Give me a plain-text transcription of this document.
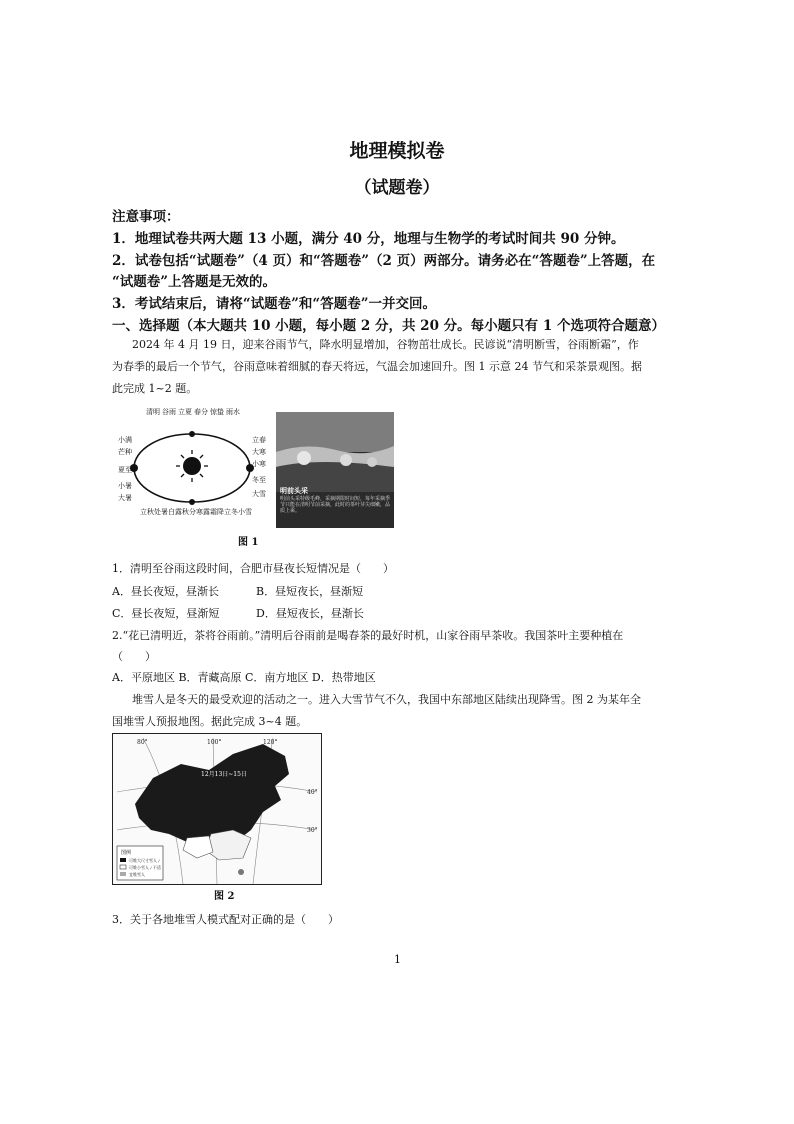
地理模拟卷
（试题卷）
注意事项：
1．地理试卷共两大题 13 小题，满分 40 分，地理与生物学的考试时间共 90 分钟。
2．试卷包括“试题卷”（4 页）和“答题卷”（2 页）两部分。请务必在“答题卷”上答题，在
“试题卷”上答题是无效的。
3．考试结束后，请将“试题卷”和“答题卷”一并交回。
一、选择题（本大题共 10 小题，每小题 2 分，共 20 分。每小题只有 1 个选项符合题意）
2024 年 4 月 19 日，迎来谷雨节气，降水明显增加，谷物茁壮成长。民谚说“清明断雪，谷雨断霜”，作
为春季的最后一个节气，谷雨意味着细腻的春天将远，气温会加速回升。图 1 示意 24 节气和采茶景观图。据
此完成 1~2 题。
清明 谷雨 立夏 春分 惊蛰 雨水
小满
芒种
夏至
小暑
大暑
立春
大寒
小寒
冬至
大雪
立秋 处暑 白露 秋分 寒露 霜降 立冬 小雪
明前头采
明前头采特级毛峰，采摘期限时间短，每年采摘季节只能在清明节前采摘，此时的茶叶芽尖细嫩，品质上乘。
图 1
1．清明至谷雨这段时间，合肥市昼夜长短情况是（　　）
A．昼长夜短，昼渐长	B．昼短夜长，昼渐短
C．昼长夜短，昼渐短	D．昼短夜长，昼渐长
2.“花已清明近，茶将谷雨前。”清明后谷雨前是喝春茶的最好时机，山家谷雨早茶收。我国茶叶主要种植在
（　　）
A．平原地区 B．青藏高原 C．南方地区 D．热带地区
堆雪人是冬天的最受欢迎的活动之一。进入大雪节气不久，我国中东部地区陆续出现降雪。图 2 为某年全
国堆雪人预报地图。据此完成 3~4 题。
80°	100°	120°
40°
30°
12月13日~15日
图例
可堆大尺寸雪人 / 可堆小雪人 / 不适宜堆雪人
图 2
3．关于各地堆雪人模式配对正确的是（　　）
1
